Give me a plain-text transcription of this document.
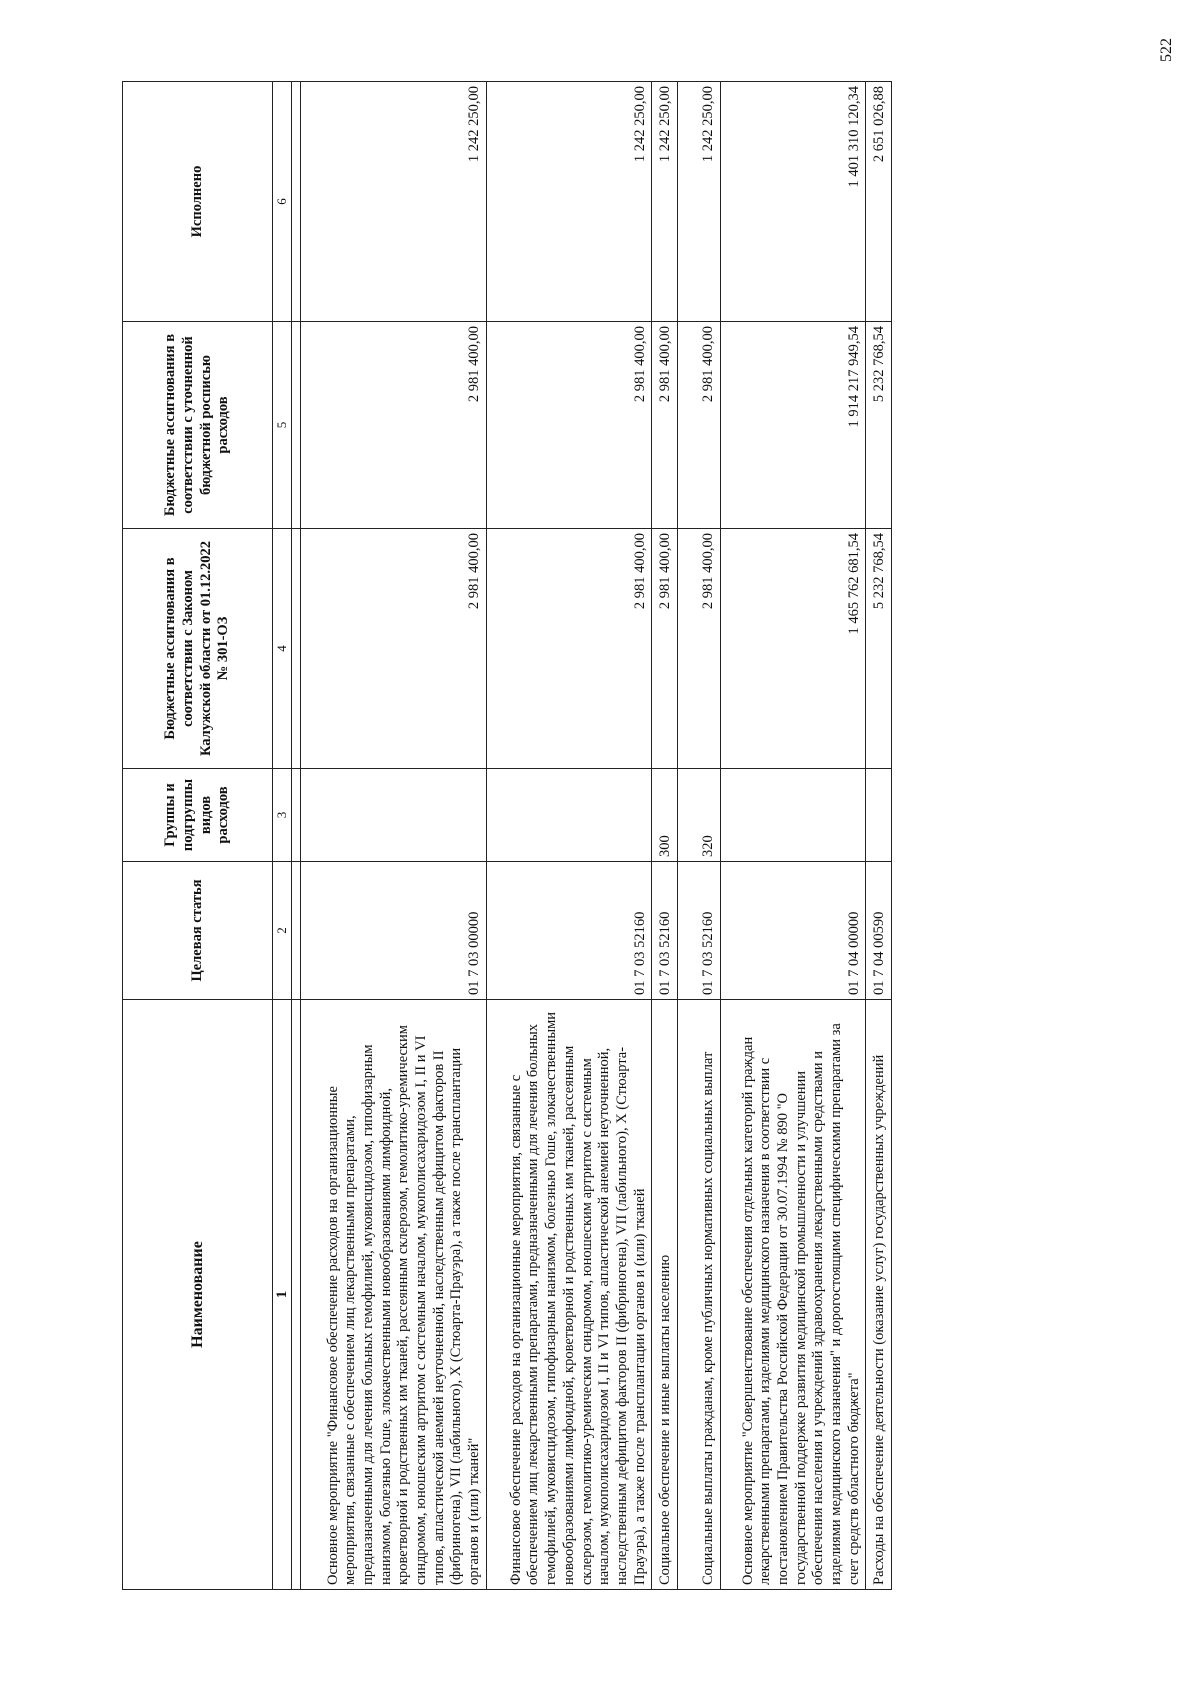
522
Наименование	Целевая статья	Группы и подгруппы видов расходов	Бюджетные ассигнования в соответствии с Законом Калужской области от 01.12.2022 № 301-ОЗ	Бюджетные ассигнования в соответствии с уточненной бюджетной росписью расходов	Исполнено
1	2	3	4	5	6

Основное мероприятие "Финансовое обеспечение расходов на организационные мероприятия, связанные с обеспечением лиц лекарственными препаратами, предназначенными для лечения больных гемофилией, муковисцидозом, гипофизарным нанизмом, болезнью Гоше, злокачественными новообразованиями лимфоидной, кроветворной и родственных им тканей, рассеянным склерозом, гемолитико-уремическим синдромом, юношеским артритом с системным началом, мукополисахаридозом I, II и VI типов, апластической анемией неуточненной, наследственным дефицитом факторов II (фибриногена), VII (лабильного), X (Стюарта-Прауэра), а также после трансплантации органов и (или) тканей"	01 7 03 00000		2 981 400,00	2 981 400,00	1 242 250,00
Финансовое обеспечение расходов на организационные мероприятия, связанные с обеспечением лиц лекарственными препаратами, предназначенными для лечения больных гемофилией, муковисцидозом, гипофизарным нанизмом, болезнью Гоше, злокачественными новообразованиями лимфоидной, кроветворной и родственных им тканей, рассеянным склерозом, гемолитико-уремическим синдромом, юношеским артритом с системным началом, мукополисахаридозом I, II и VI типов, апластической анемией неуточненной, наследственным дефицитом факторов II (фибриногена), VII (лабильного), X (Стюарта-Прауэра), а также после трансплантации органов и (или) тканей	01 7 03 52160		2 981 400,00	2 981 400,00	1 242 250,00
Социальное обеспечение и иные выплаты населению	01 7 03 52160	300	2 981 400,00	2 981 400,00	1 242 250,00
Социальные выплаты гражданам, кроме публичных нормативных социальных выплат	01 7 03 52160	320	2 981 400,00	2 981 400,00	1 242 250,00
Основное мероприятие "Совершенствование обеспечения отдельных категорий граждан лекарственными препаратами, изделиями медицинского назначения в соответствии с постановлением Правительства Российской Федерации от 30.07.1994 № 890 "О государственной поддержке развития медицинской промышленности и улучшении обеспечения населения и учреждений здравоохранения лекарственными средствами и изделиями медицинского назначения" и дорогостоящими специфическими препаратами за счет средств областного бюджета"	01 7 04 00000		1 465 762 681,54	1 914 217 949,54	1 401 310 120,34
Расходы на обеспечение деятельности (оказание услуг) государственных учреждений	01 7 04 00590		5 232 768,54	5 232 768,54	2 651 026,88
